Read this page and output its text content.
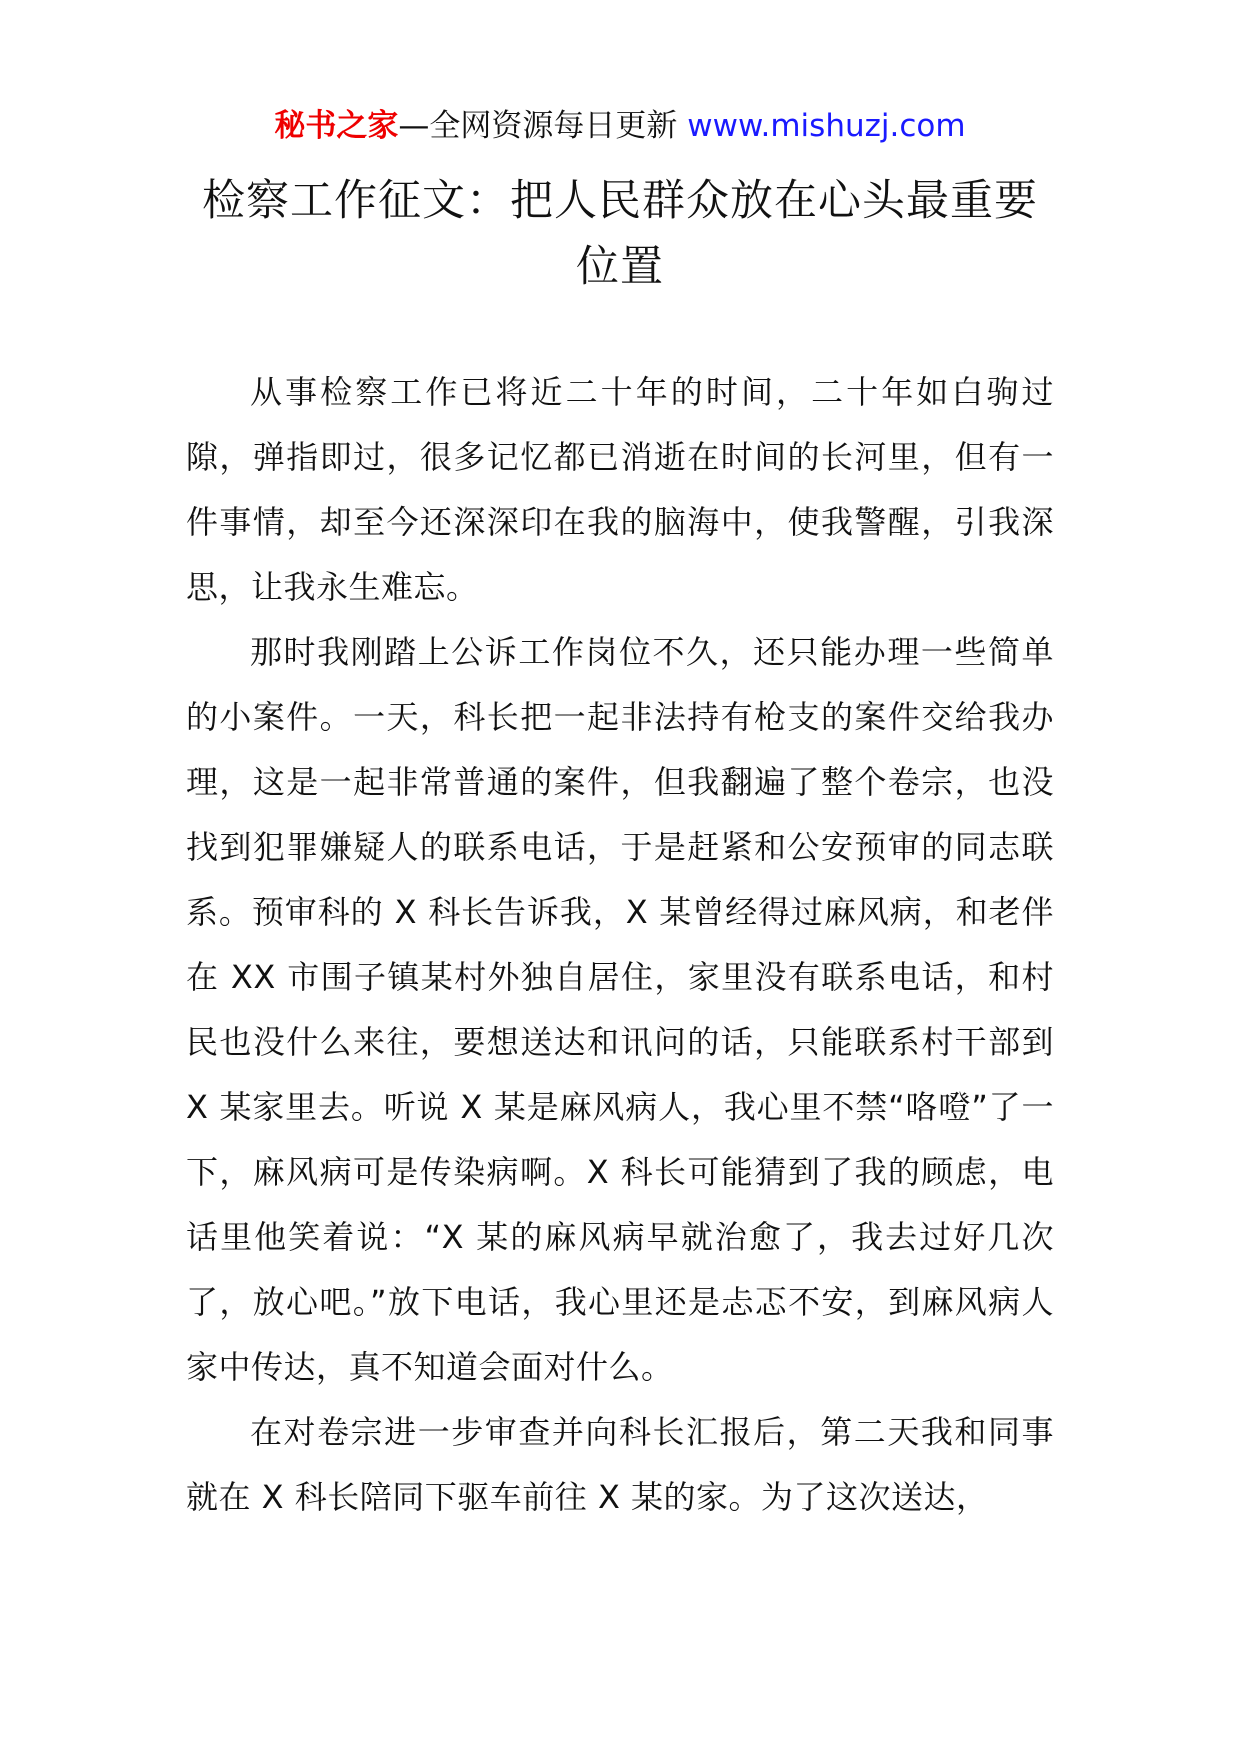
秘书之家—全网资源每日更新 www.mishuzj.com
检察工作征文：把人民群众放在心头最重要位置

从事检察工作已将近二十年的时间，二十年如白驹过隙，弹指即过，很多记忆都已消逝在时间的长河里，但有一件事情，却至今还深深印在我的脑海中，使我警醒，引我深思，让我永生难忘。

那时我刚踏上公诉工作岗位不久，还只能办理一些简单的小案件。一天，科长把一起非法持有枪支的案件交给我办理，这是一起非常普通的案件，但我翻遍了整个卷宗，也没找到犯罪嫌疑人的联系电话，于是赶紧和公安预审的同志联系。预审科的 X 科长告诉我，X 某曾经得过麻风病，和老伴在 XX 市围子镇某村外独自居住，家里没有联系电话，和村民也没什么来往，要想送达和讯问的话，只能联系村干部到 X 某家里去。听说 X 某是麻风病人，我心里不禁“咯噔”了一下，麻风病可是传染病啊。X 科长可能猜到了我的顾虑，电话里他笑着说：“X 某的麻风病早就治愈了，我去过好几次了，放心吧。”放下电话，我心里还是忐忑不安，到麻风病人家中传达，真不知道会面对什么。

在对卷宗进一步审查并向科长汇报后，第二天我和同事就在 X 科长陪同下驱车前往 X 某的家。为了这次送达，
